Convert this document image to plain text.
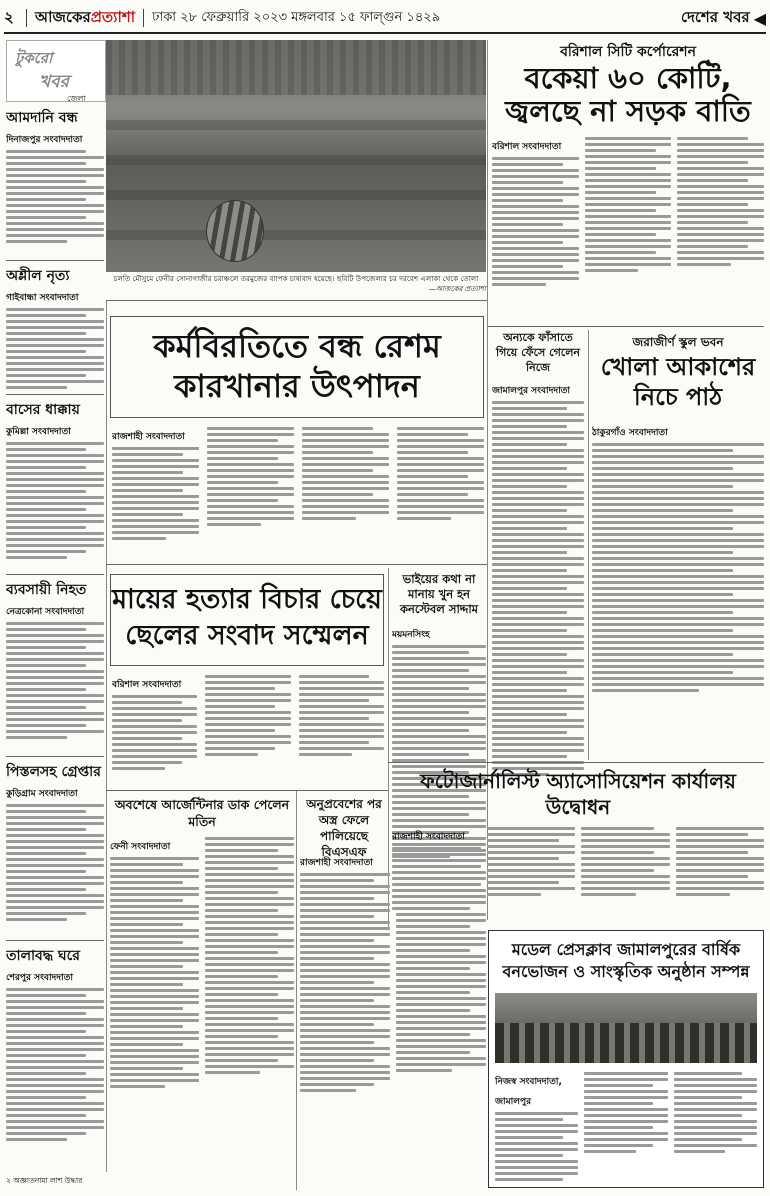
২ আজকেরপ্রত্যাশা ঢাকা ২৮ ফেব্রুয়ারি ২০২৩ মঙ্গলবার ১৫ ফাল্গুন ১৪২৯	দেশের খবর ◀
টুকরো
খবর
জেলা
আমদানি বন্ধ
দিনাজপুর সংবাদদাতা
অশ্লীল নৃত্য
গাইবান্ধা সংবাদদাতা
বাসের ধাক্কায়
কুমিল্লা সংবাদদাতা
ব্যবসায়ী নিহত
নেত্রকোনা সংবাদদাতা
পিস্তলসহ গ্রেপ্তার
কুড়িগ্রাম সংবাদদাতা
তালাবদ্ধ ঘরে
শেরপুর সংবাদদাতা
২ অজ্ঞাতনামা লাশ উদ্ধার
চলতি মৌসুমে ফেনীর সোনাগাজীর চরাঞ্চলে তরমুজের ব্যাপক চাষাবাদ হয়েছে। ছবিটি উপজেলার চর দরবেশ এলাকা থেকে তোলা
—আজকের প্রত্যাশা
কর্মবিরতিতে বন্ধ রেশম কারখানার উৎপাদন
রাজশাহী সংবাদদাতা
মায়ের হত্যার বিচার চেয়ে ছেলের সংবাদ সম্মেলন
বরিশাল সংবাদদাতা
ভাইয়ের কথা না মানায় খুন হন কনস্টেবল সাদ্দাম
ময়মনসিংহ
অবশেষে আর্জেন্টিনার ডাক পেলেন মতিন
ফেনী সংবাদদাতা
অনুপ্রবেশের পর অস্ত্র ফেলে পালিয়েছে বিএসএফ
রাজশাহী সংবাদদাতা
বরিশাল সিটি কর্পোরেশন
বকেয়া ৬০ কোটি, জ্বলছে না সড়ক বাতি
বরিশাল সংবাদদাতা
অন্যকে ফাঁসাতে গিয়ে ফেঁসে গেলেন নিজে
জামালপুর সংবাদদাতা
জরাজীর্ণ স্কুল ভবন
খোলা আকাশের নিচে পাঠ
ঠাকুরগাঁও সংবাদদাতা
ফটোজার্নালিস্ট অ্যাসোসিয়েশন কার্যালয় উদ্বোধন
রাজশাহী সংবাদদাতা
মডেল প্রেসক্লাব জামালপুরের বার্ষিক বনভোজন ও সাংস্কৃতিক অনুষ্ঠান সম্পন্ন
নিজস্ব সংবাদদাতা, জামালপুর
